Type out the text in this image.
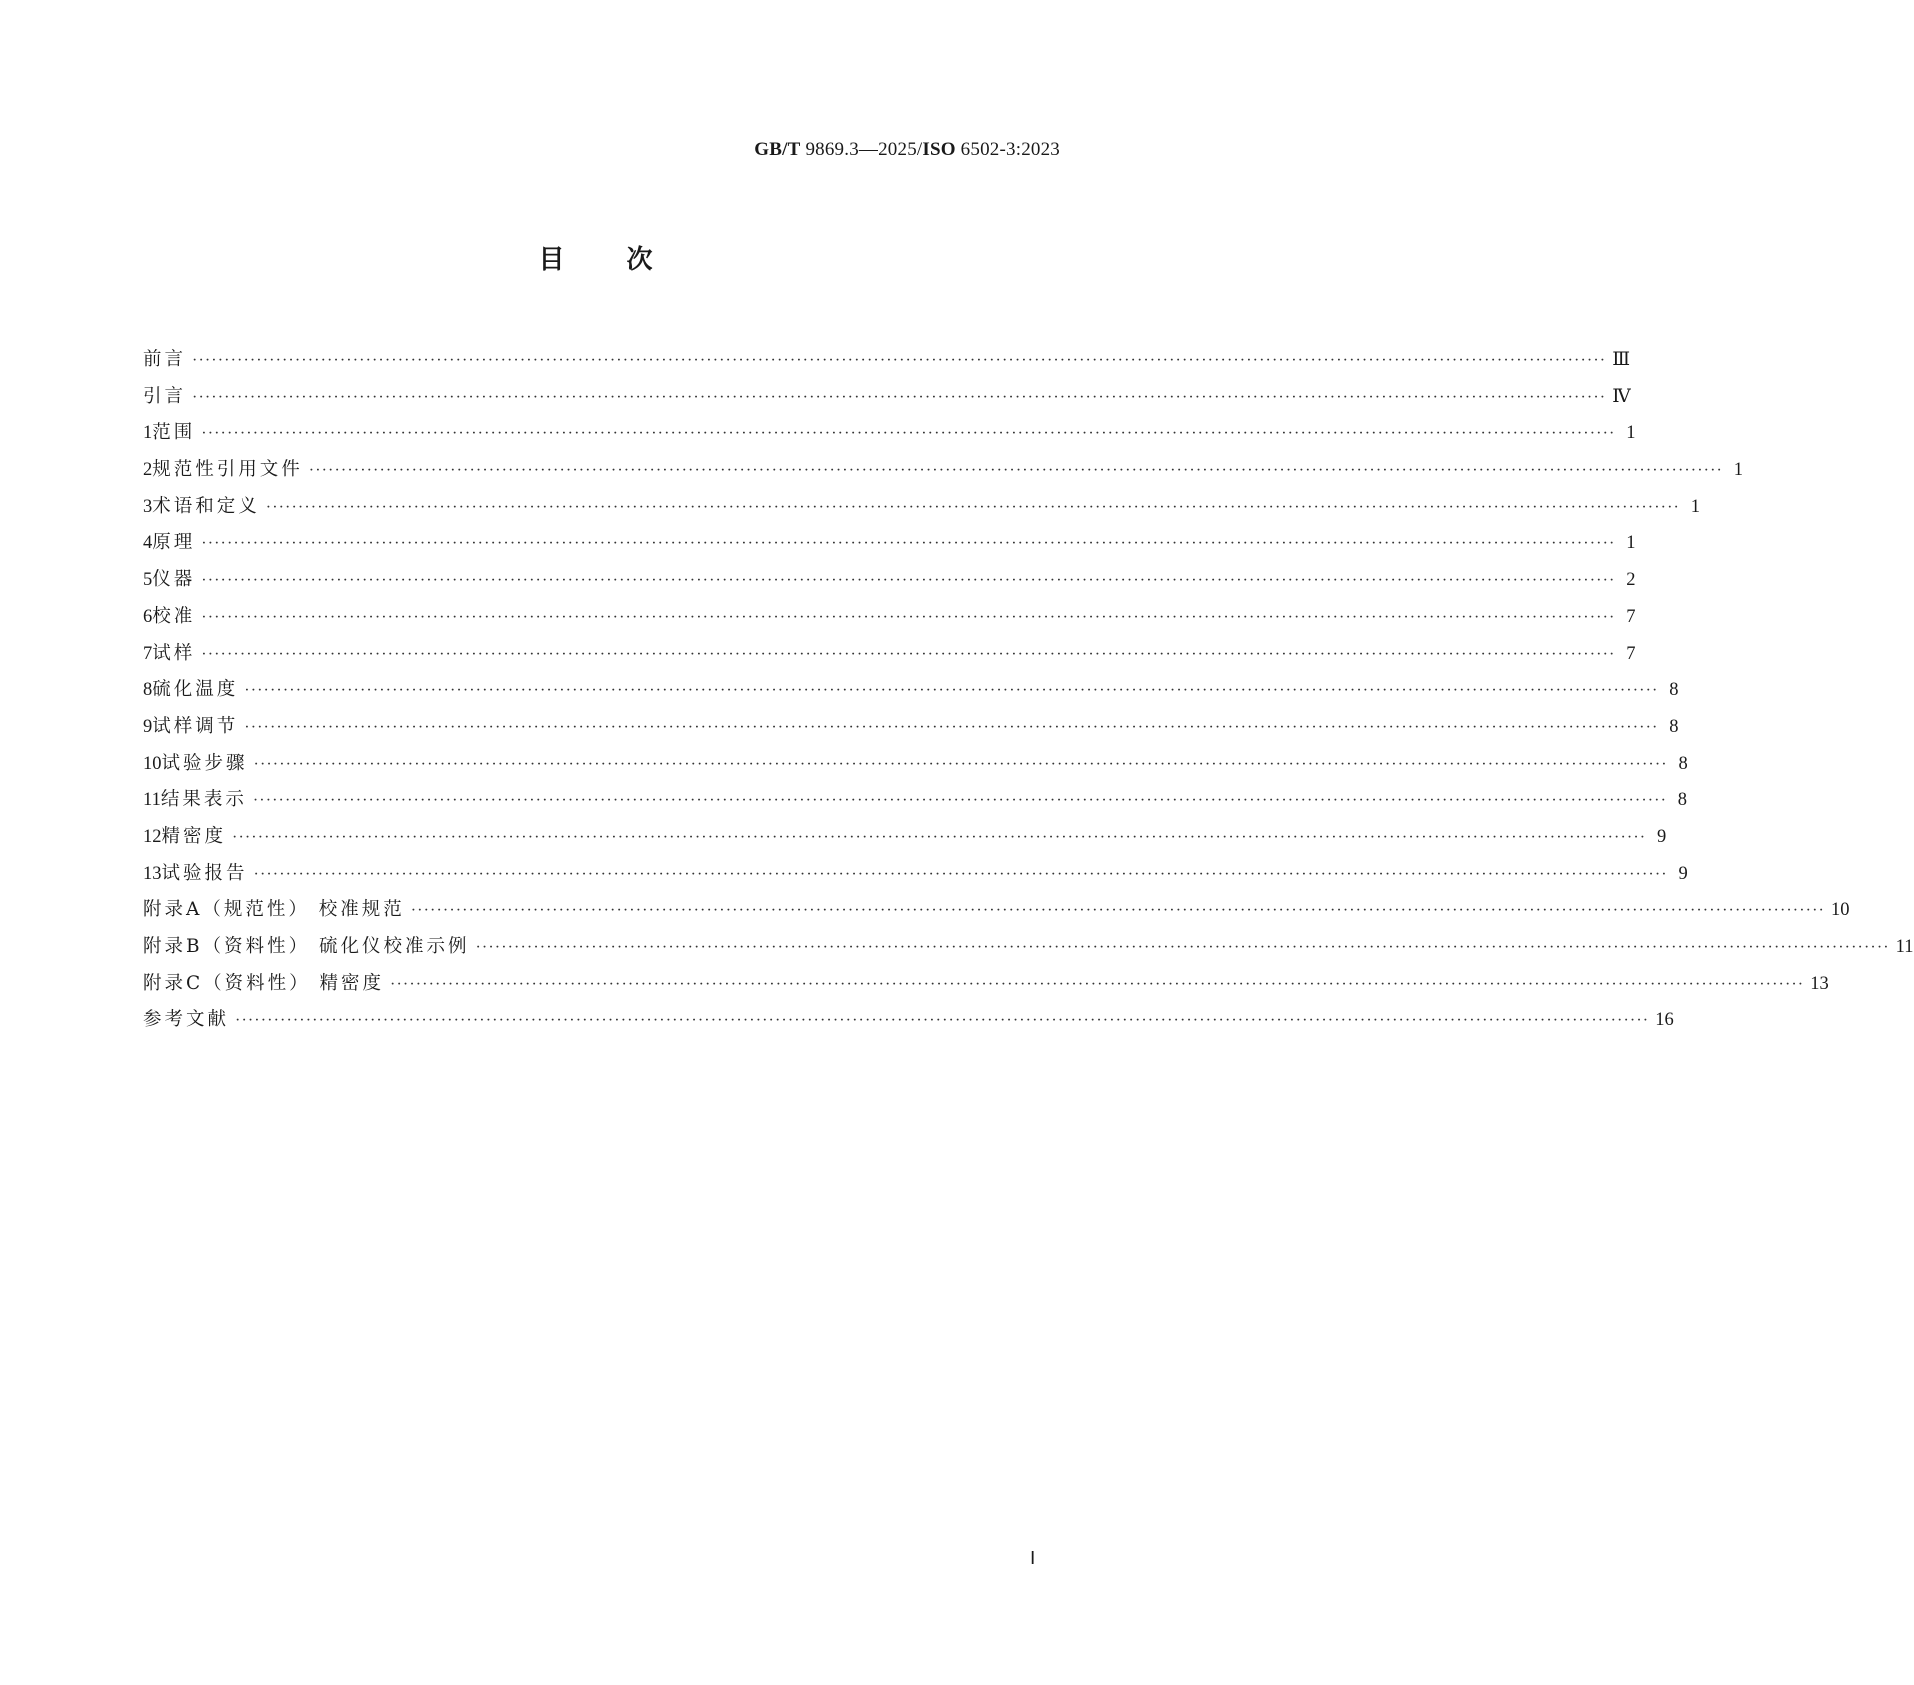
GB/T 9869.3—2025/ISO 6502-3:2023
目次
前言 ···························································································································································································································· Ⅲ
引言 ···························································································································································································································· Ⅳ
1 范围 ···························································································································································································································· 1
2 规范性引用文件 ···························································································································································································································· 1
3 术语和定义 ···························································································································································································································· 1
4 原理 ···························································································································································································································· 1
5 仪器 ···························································································································································································································· 2
6 校准 ···························································································································································································································· 7
7 试样 ···························································································································································································································· 7
8 硫化温度 ···························································································································································································································· 8
9 试样调节 ···························································································································································································································· 8
10 试验步骤 ···························································································································································································································· 8
11 结果表示 ···························································································································································································································· 8
12 精密度 ···························································································································································································································· 9
13 试验报告 ···························································································································································································································· 9
附录A（规范性） 校准规范 ···························································································································································································································· 10
附录B（资料性） 硫化仪校准示例 ···························································································································································································································· 11
附录C（资料性） 精密度 ···························································································································································································································· 13
参考文献 ···························································································································································································································· 16
Ⅰ
